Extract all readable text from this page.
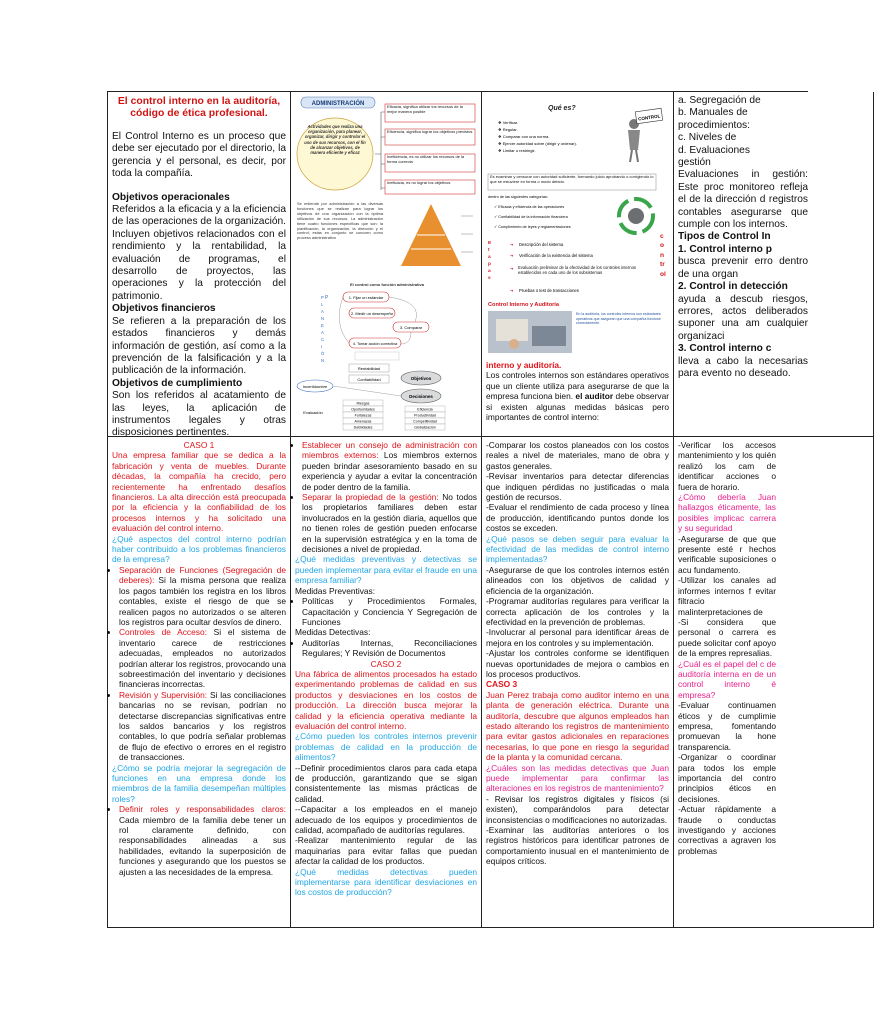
El control interno en la auditoría, código de ética profesional.

El Control Interno es un proceso que debe ser ejecutado por el directorio, la gerencia y el personal, es decir, por toda la compañía.

Objetivos operacionales

Referidos a la eficacia y a la eficiencia de las operaciones de la organización. Incluyen objetivos relacionados con el rendimiento y la rentabilidad, la evaluación de programas, el desarrollo de proyectos, las operaciones y la protección del patrimonio.

Objetivos financieros

Se refieren a la preparación de los estados financieros y demás información de gestión, así como a la prevención de la falsificación y a la publicación de la información.

Objetivos de cumplimiento

Son los referidos al acatamiento de las leyes, la aplicación de instrumentos legales y otras disposiciones pertinentes.

ADMINISTRACIÓN
Actividades que realiza una organización, para planear, organizar, dirigir y controlar el uso de sus recursos, con el fin de alcanzar objetivos, de manera eficiente y eficaz
Eficacia, significa utilizar los recursos de la mejor manera posible
Eficiencia, significa lograr los objetivos previstos
Ineficiencia, es no utilizar los recursos de la forma correcta
Ineficacia, es no lograr los objetivos
Se entiende por administración a las diversas funciones que se realizan para lograr los objetivos de una organización con la óptima utilización de sus recursos. La administración tiene cuatro funciones específicas que son: la planificación, la organización, la dirección y el control; estas en conjunto se conocen como proceso administrativo
El control como función administrativa
P
P L A N E A C I Ó N
1. Fijar un estándar
2. Medir un desempeño
3. Comparar
4. Tomar acción correctiva
Rentabilidad
Confiabilidad
Incertidumbre
Objetivos
Decisiones
Evaluación
Riesgos
Oportunidades
Fortalezas
Amenazas
Debilidades
Eficiencia
Productividad
Competitividad
Globalización
Qué es?
❖ Verificar.
❖ Regular.
❖ Comparar con una norma.
❖ Ejercer autoridad sobre (dirigir y ordenar).
❖ Limitar o restringir.
CONTROL
Es examinar y censurar con autoridad suficiente, formando juicio aprobando o corrigiendo lo que se estuviere en forma o modo debido.
dentro de las siguientes categorías:
✓ Eficacia y eficiencia de las operaciones
✓ Confiabilidad de la información financiera
✓ Cumplimiento de leyes y reglamentaciones
E t a p a s
c o n tr ol
➔ Descripción del sistema
➔ Verificación de la existencia del sistema
➔ Evaluación preliminar de la efectividad de los controles internos establecidos en cada uno de los subsistemas
➔ Pruebas o test de transacciones
Control Interno y Auditoría
En la auditoría, los controles internos son estándares operativos que aseguran que una compañía funcione correctamente.

interno y auditoría.

Los controles internos son estándares operativos que un cliente utiliza para asegurarse de que la empresa funciona bien. el auditor debe observar si existen algunas medidas básicas pero importantes de control interno:

a. Segregación de

b. Manuales de

procedimientos:

c. Niveles de

d. Evaluaciones

gestión

Evaluaciones in gestión: Este proc monitoreo refleja el de la dirección d registros contables asegurarse que cumple con los internos.

Tipos de Control In

1. Control interno p

busca prevenir erro dentro de una organ

2. Control in detección

ayuda a descub riesgos, errores, actos deliberados suponer una am cualquier organizaci

3. Control interno c

lleva a cabo la necesarias para evento no deseado.

CASO 1

Una empresa familiar que se dedica a la fabricación y venta de muebles. Durante décadas, la compañía ha crecido, pero recientemente ha enfrentado desafíos financieros. La alta dirección está preocupada por la eficiencia y la confiabilidad de los procesos internos y ha solicitado una evaluación del control interno.

¿Qué aspectos del control interno podrían haber contribuido a los problemas financieros de la empresa?

• Separación de Funciones (Segregación de deberes): Si la misma persona que realiza los pagos también los registra en los libros contables, existe el riesgo de que se realicen pagos no autorizados o se alteren los registros para ocultar desvíos de dinero.
• Controles de Acceso: Si el sistema de inventario carece de restricciones adecuadas, empleados no autorizados podrían alterar los registros, provocando una sobreestimación del inventario y decisiones financieras incorrectas.
• Revisión y Supervisión: Si las conciliaciones bancarias no se revisan, podrían no detectarse discrepancias significativas entre los saldos bancarios y los registros contables, lo que podría señalar problemas de flujo de efectivo o errores en el registro de transacciones.

¿Cómo se podría mejorar la segregación de funciones en una empresa donde los miembros de la familia desempeñan múltiples roles?

• Definir roles y responsabilidades claros: Cada miembro de la familia debe tener un rol claramente definido, con responsabilidades alineadas a sus habilidades, evitando la superposición de funciones y asegurando que los puestos se ajusten a las necesidades de la empresa.
• Establecer un consejo de administración con miembros externos: Los miembros externos pueden brindar asesoramiento basado en su experiencia y ayudar a evitar la concentración de poder dentro de la familia.
• Separar la propiedad de la gestión: No todos los propietarios familiares deben estar involucrados en la gestión diaria, aquellos que no tienen roles de gestión pueden enfocarse en la supervisión estratégica y en la toma de decisiones a nivel de propiedad.

¿Qué medidas preventivas y detectivas se pueden implementar para evitar el fraude en una empresa familiar?

Medidas Preventivas:

• Políticas y Procedimientos Formales, Capacitación y Conciencia Y Segregación de Funciones

Medidas Detectivas:

• Auditorías Internas, Reconciliaciones Regulares; Y Revisión de Documentos

CASO 2

Una fábrica de alimentos procesados ha estado experimentando problemas de calidad en sus productos y desviaciones en los costos de producción. La dirección busca mejorar la calidad y la eficiencia operativa mediante la evaluación del control interno.

¿Cómo pueden los controles internos prevenir problemas de calidad en la producción de alimentos?

--Definir procedimientos claros para cada etapa de producción, garantizando que se sigan consistentemente las mismas prácticas de calidad.

--Capacitar a los empleados en el manejo adecuado de los equipos y procedimientos de calidad, acompañado de auditorías regulares.

-Realizar mantenimiento regular de las maquinarias para evitar fallas que puedan afectar la calidad de los productos.

¿Qué medidas detectivas pueden implementarse para identificar desviaciones en los costos de producción?

-Comparar los costos planeados con los costos reales a nivel de materiales, mano de obra y gastos generales.

-Revisar inventarios para detectar diferencias que indiquen pérdidas no justificadas o mala gestión de recursos.

-Evaluar el rendimiento de cada proceso y línea de producción, identificando puntos donde los costos se exceden.

¿Qué pasos se deben seguir para evaluar la efectividad de las medidas de control interno implementadas?

-Asegurarse de que los controles internos estén alineados con los objetivos de calidad y eficiencia de la organización.

-Programar auditorías regulares para verificar la correcta aplicación de los controles y la efectividad en la prevención de problemas.

-Involucrar al personal para identificar áreas de mejora en los controles y su implementación.

-Ajustar los controles conforme se identifiquen nuevas oportunidades de mejora o cambios en los procesos productivos.

CASO 3

Juan Perez trabaja como auditor interno en una planta de generación eléctrica. Durante una auditoría, descubre que algunos empleados han estado alterando los registros de mantenimiento para evitar gastos adicionales en reparaciones necesarias, lo que pone en riesgo la seguridad de la planta y la comunidad cercana.

¿Cuáles son las medidas detectivas que Juan puede implementar para confirmar las alteraciones en los registros de mantenimiento?

- Revisar los registros digitales y físicos (si existen), comparándolos para detectar inconsistencias o modificaciones no autorizadas.

-Examinar las auditorías anteriores o los registros históricos para identificar patrones de comportamiento inusual en el mantenimiento de equipos críticos.

-Verificar los accesos mantenimiento y los quién realizó los cam de identificar acciones o fuera de horario.

¿Cómo debería Juan hallazgos éticamente, las posibles implicac carrera y su seguridad

-Asegurarse de que que presente esté r hechos verificable suposiciones o acu fundamento.

-Utilizar los canales ad informes internos f evitar filtracio malinterpretaciones de

-Si considera que personal o carrera es puede solicitar conf apoyo de la empres represalias.

¿Cuál es el papel del c de auditoría interna en de un control interno é empresa?

-Evaluar continuamen éticos y de cumplimie empresa, fomentando promuevan la hone transparencia.

-Organizar o coordinar para todos los emple importancia del contro principios éticos en decisiones.

-Actuar rápidamente a fraude o conductas investigando y acciones correctivas a agraven los problemas
